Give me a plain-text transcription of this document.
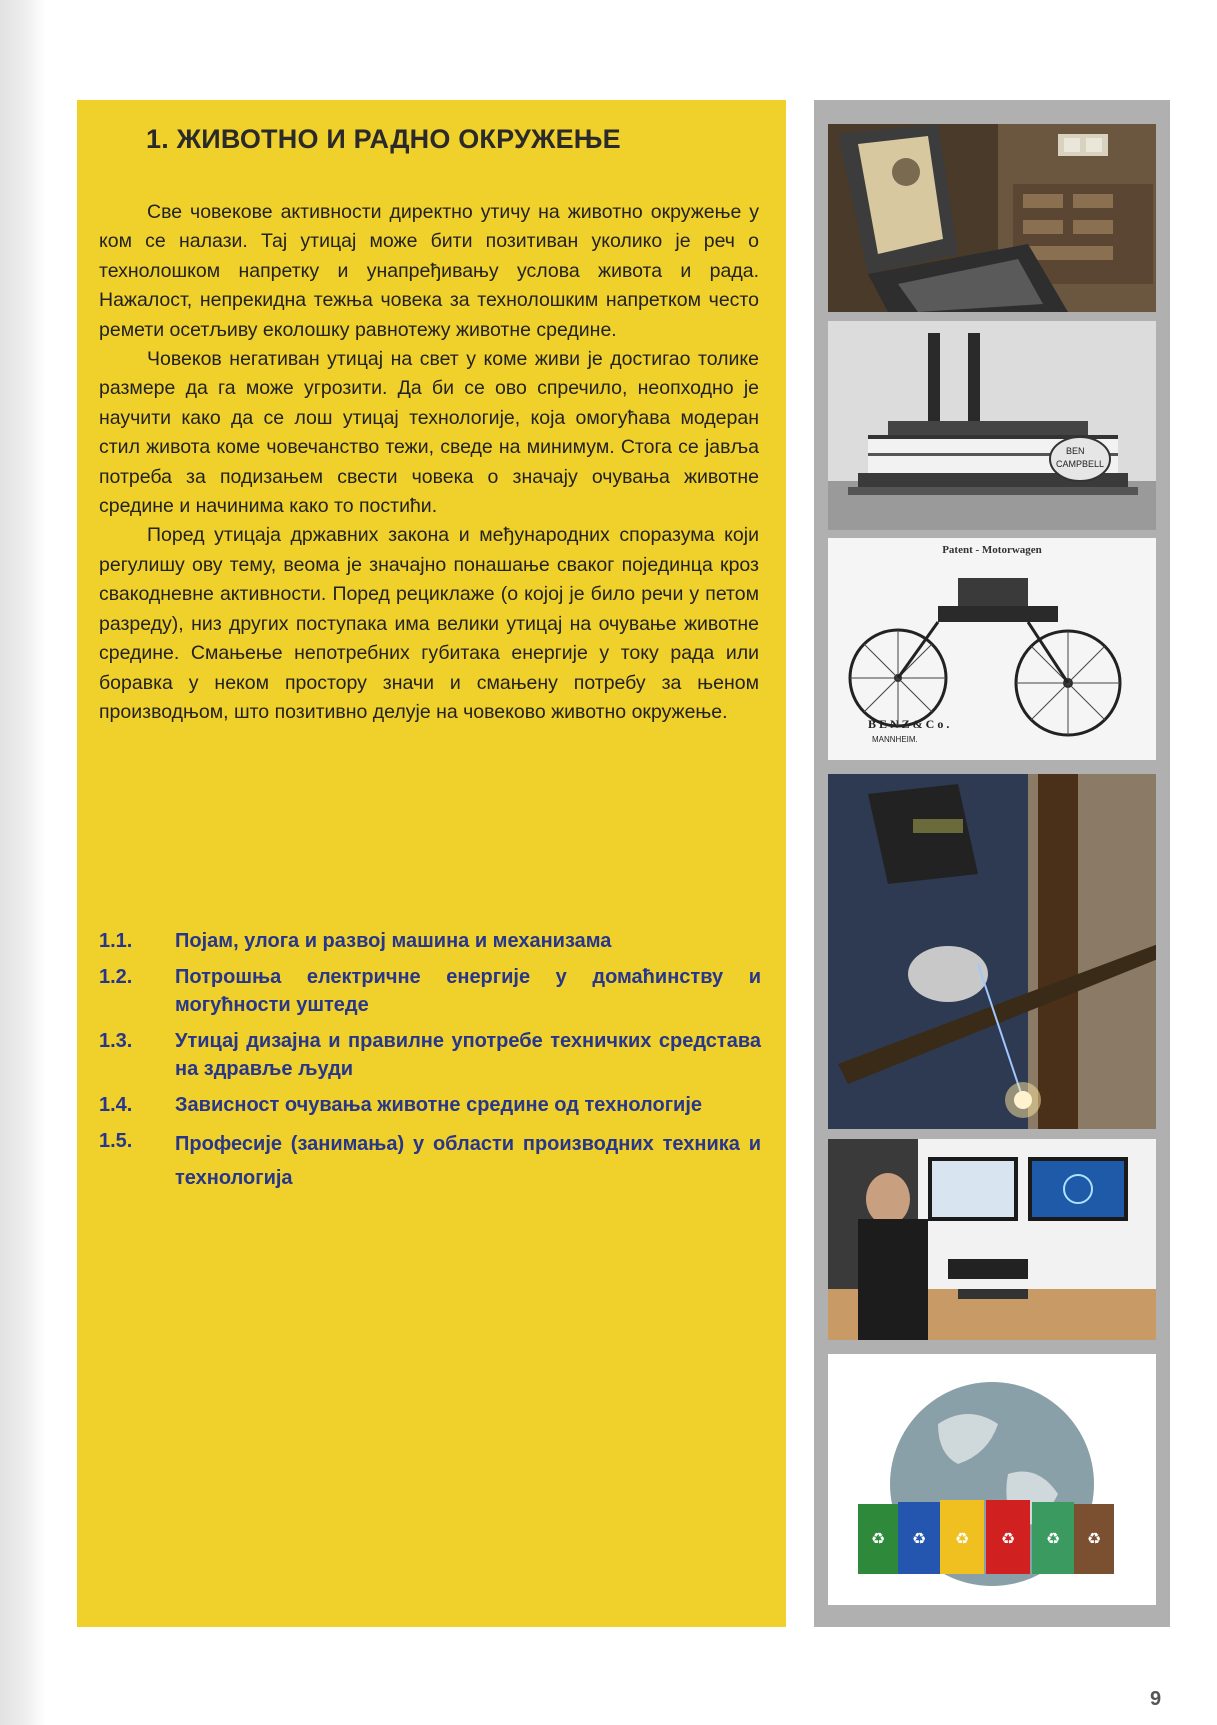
1. ЖИВОТНО И РАДНО ОКРУЖЕЊЕ

Све човекове активности директно утичу на животно окружење у ком се налази. Тај утицај може бити позитиван уколико је реч о технолошком напретку и унапређивању услова живота и рада. Нажалост, непрекидна тежња човека за технолошким напретком често ремети осетљиву еколошку равнотежу животне средине.

Човеков негативан утицај на свет у коме живи је достигао толике размере да га може угрозити. Да би се ово спречило, неопходно је научити како да се лош утицај технологије, која омогућава модеран стил живота коме човечанство тежи, сведе на минимум. Стога се јавља потреба за подизањем свести човека о значају очувања животне средине и начинима како то постићи.

Поред утицаја државних закона и међународних споразума који регулишу ову тему, веома је значајно понашање сваког појединца кроз свакодневне активности. Поред рециклаже (о којој је било речи у петом разреду), низ других поступака има велики утицај на очување животне средине. Смањење непотребних губитака енергије у току рада или боравка у неком простору значи и смањену потребу за њеном производњом, што позитивно делује на човеково животно окружење.

1.1.	Појам, улога и развој машина и механизама
1.2.	Потрошња електричне енергије у домаћинству и могућности уштеде
1.3.	Утицај дизајна и правилне употребе техничких средстава на здравље људи
1.4.	Зависност очувања животне средине од технологије
1.5.	Професије (занимања) у области производних техника и технологија
BEN
CAMPBELL
Patent - Motorwagen
BENZ&Co.
MANNHEIM.
♻ ♻ ♻ ♻ ♻ ♻
9
